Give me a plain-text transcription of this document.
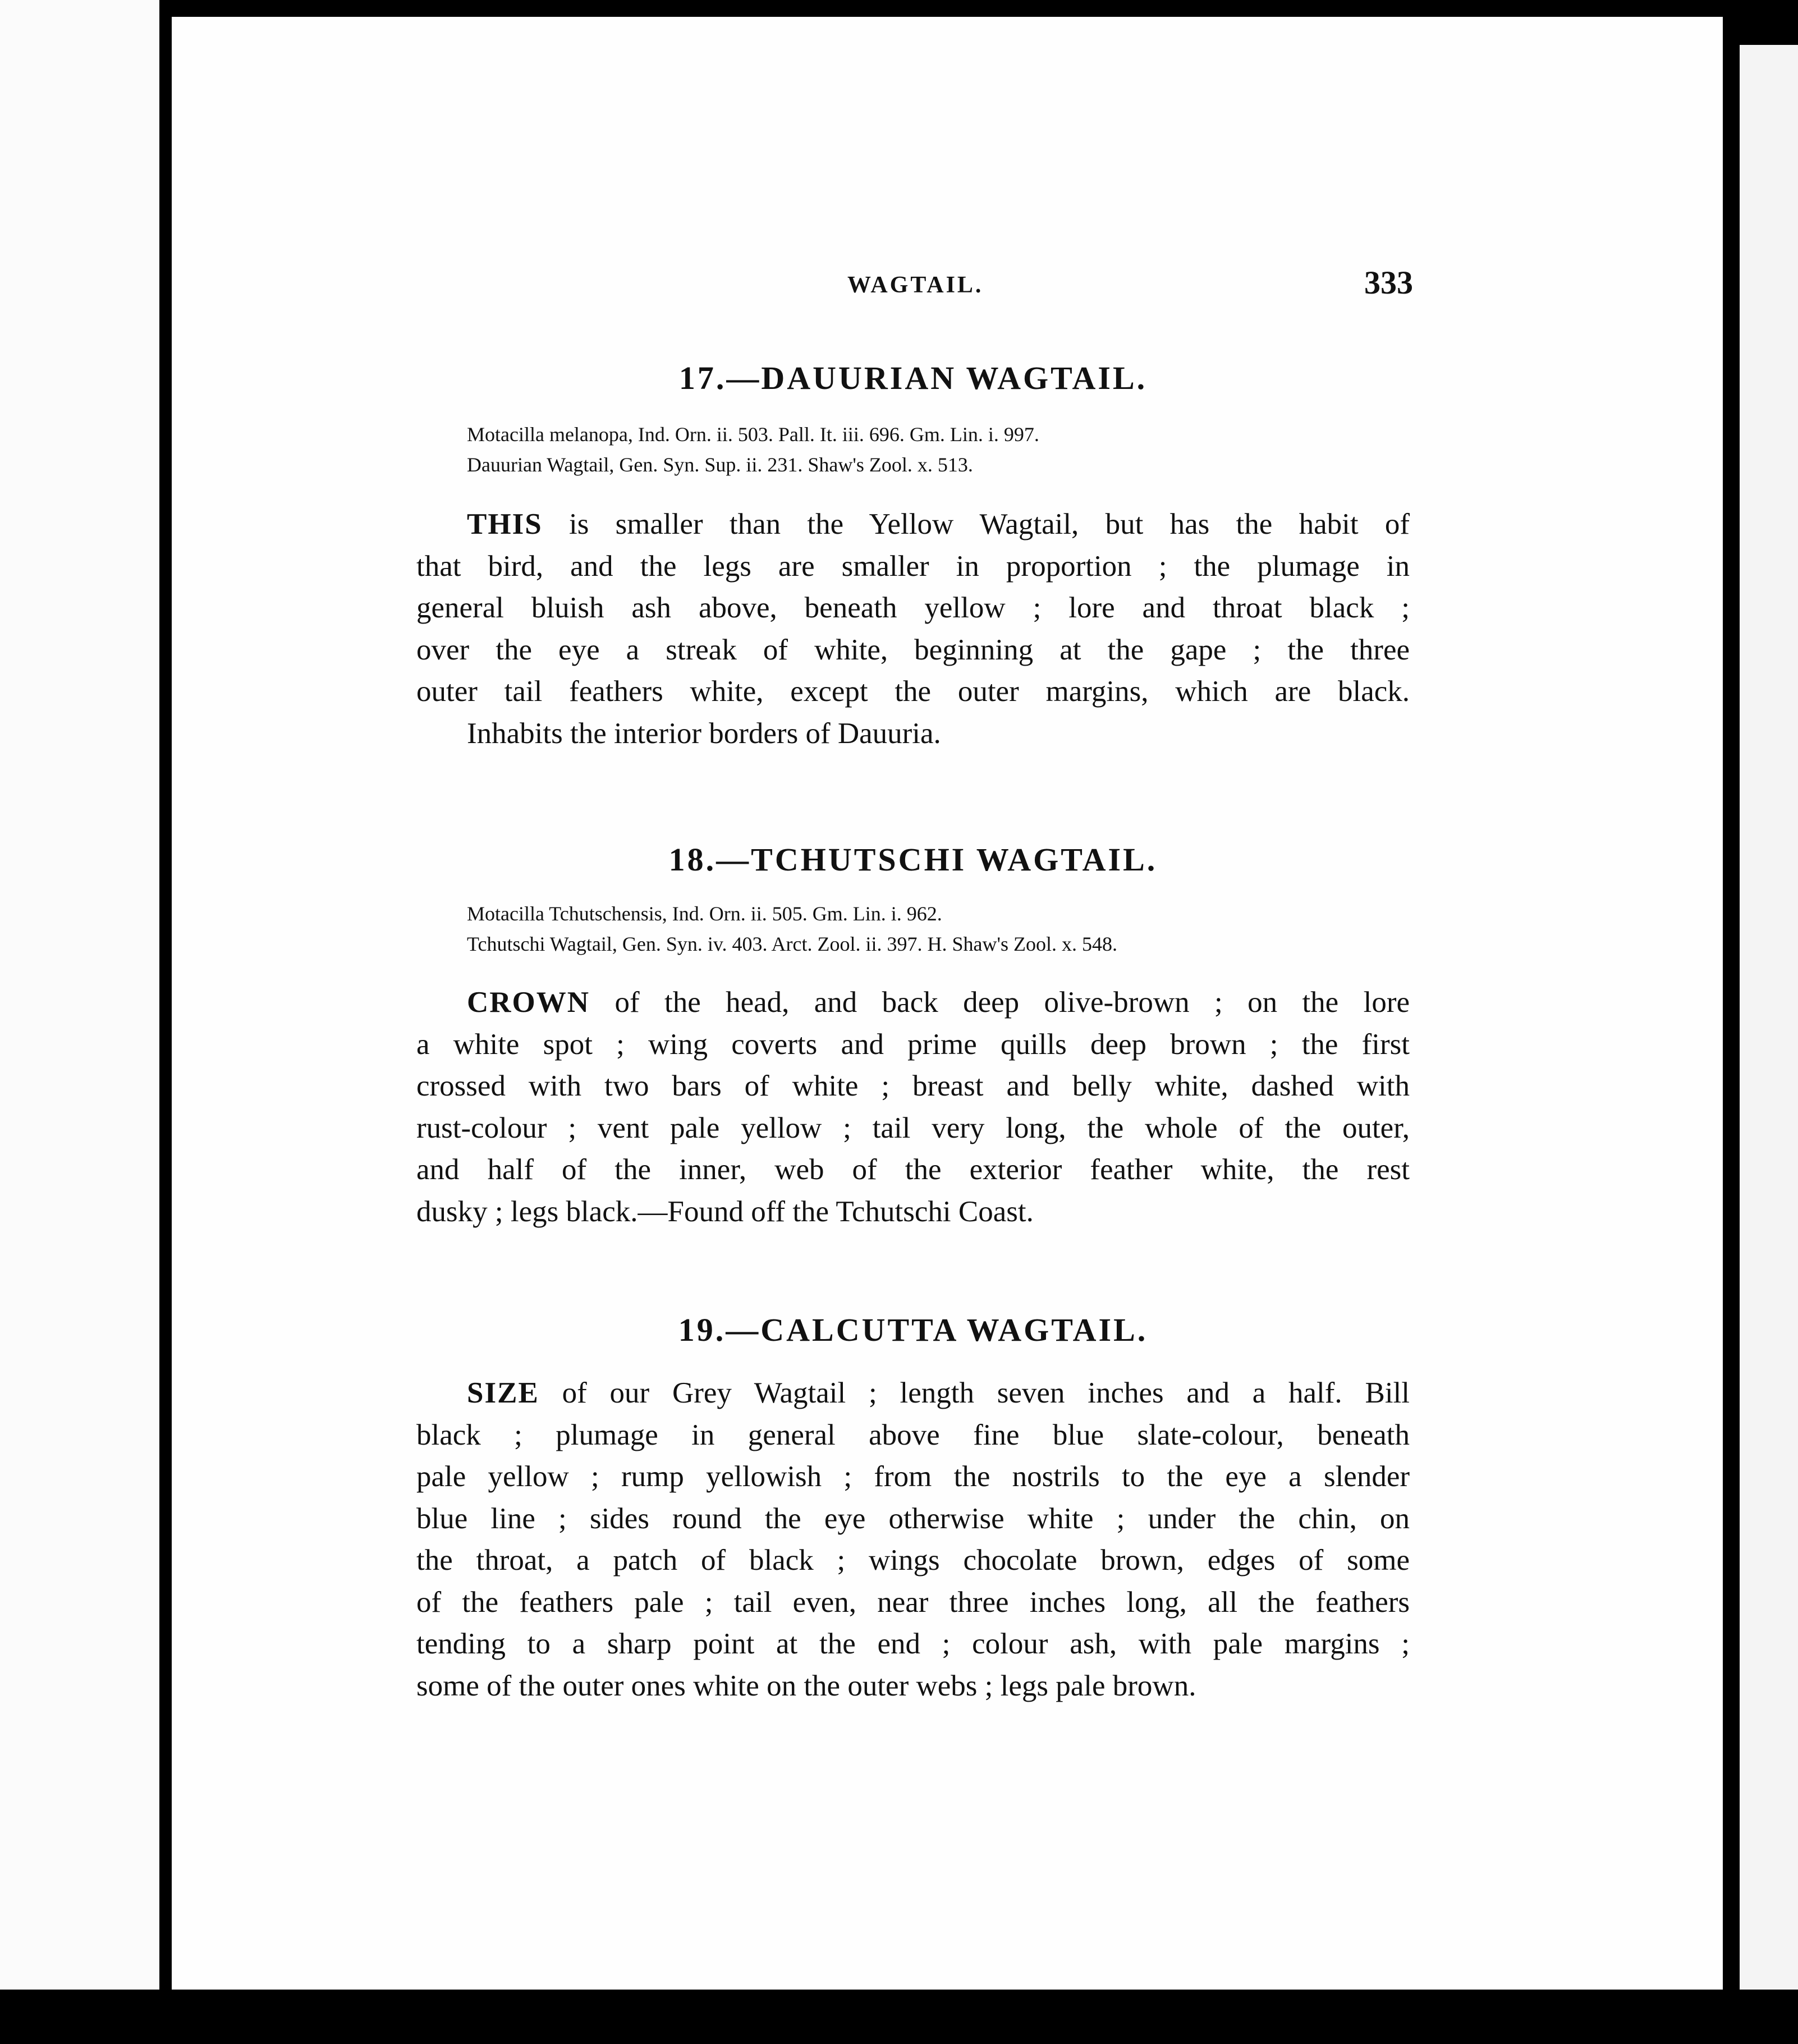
WAGTAIL.	333
17.—DAUURIAN WAGTAIL.
Motacilla melanopa, Ind. Orn. ii. 503. Pall. It. iii. 696. Gm. Lin. i. 997.
Dauurian Wagtail, Gen. Syn. Sup. ii. 231. Shaw's Zool. x. 513.
THIS is smaller than the Yellow Wagtail, but has the habit of
that bird, and the legs are smaller in proportion ; the plumage in
general bluish ash above, beneath yellow ; lore and throat black ;
over the eye a streak of white, beginning at the gape ; the three
outer tail feathers white, except the outer margins, which are black.
Inhabits the interior borders of Dauuria.
18.—TCHUTSCHI WAGTAIL.
Motacilla Tchutschensis, Ind. Orn. ii. 505. Gm. Lin. i. 962.
Tchutschi Wagtail, Gen. Syn. iv. 403. Arct. Zool. ii. 397. H. Shaw's Zool. x. 548.
CROWN of the head, and back deep olive-brown ; on the lore
a white spot ; wing coverts and prime quills deep brown ; the first
crossed with two bars of white ; breast and belly white, dashed with
rust-colour ; vent pale yellow ; tail very long, the whole of the outer,
and half of the inner, web of the exterior feather white, the rest
dusky ; legs black.—Found off the Tchutschi Coast.
19.—CALCUTTA WAGTAIL.
SIZE of our Grey Wagtail ; length seven inches and a half. Bill
black ; plumage in general above fine blue slate-colour, beneath
pale yellow ; rump yellowish ; from the nostrils to the eye a slender
blue line ; sides round the eye otherwise white ; under the chin, on
the throat, a patch of black ; wings chocolate brown, edges of some
of the feathers pale ; tail even, near three inches long, all the feathers
tending to a sharp point at the end ; colour ash, with pale margins ;
some of the outer ones white on the outer webs ; legs pale brown.
